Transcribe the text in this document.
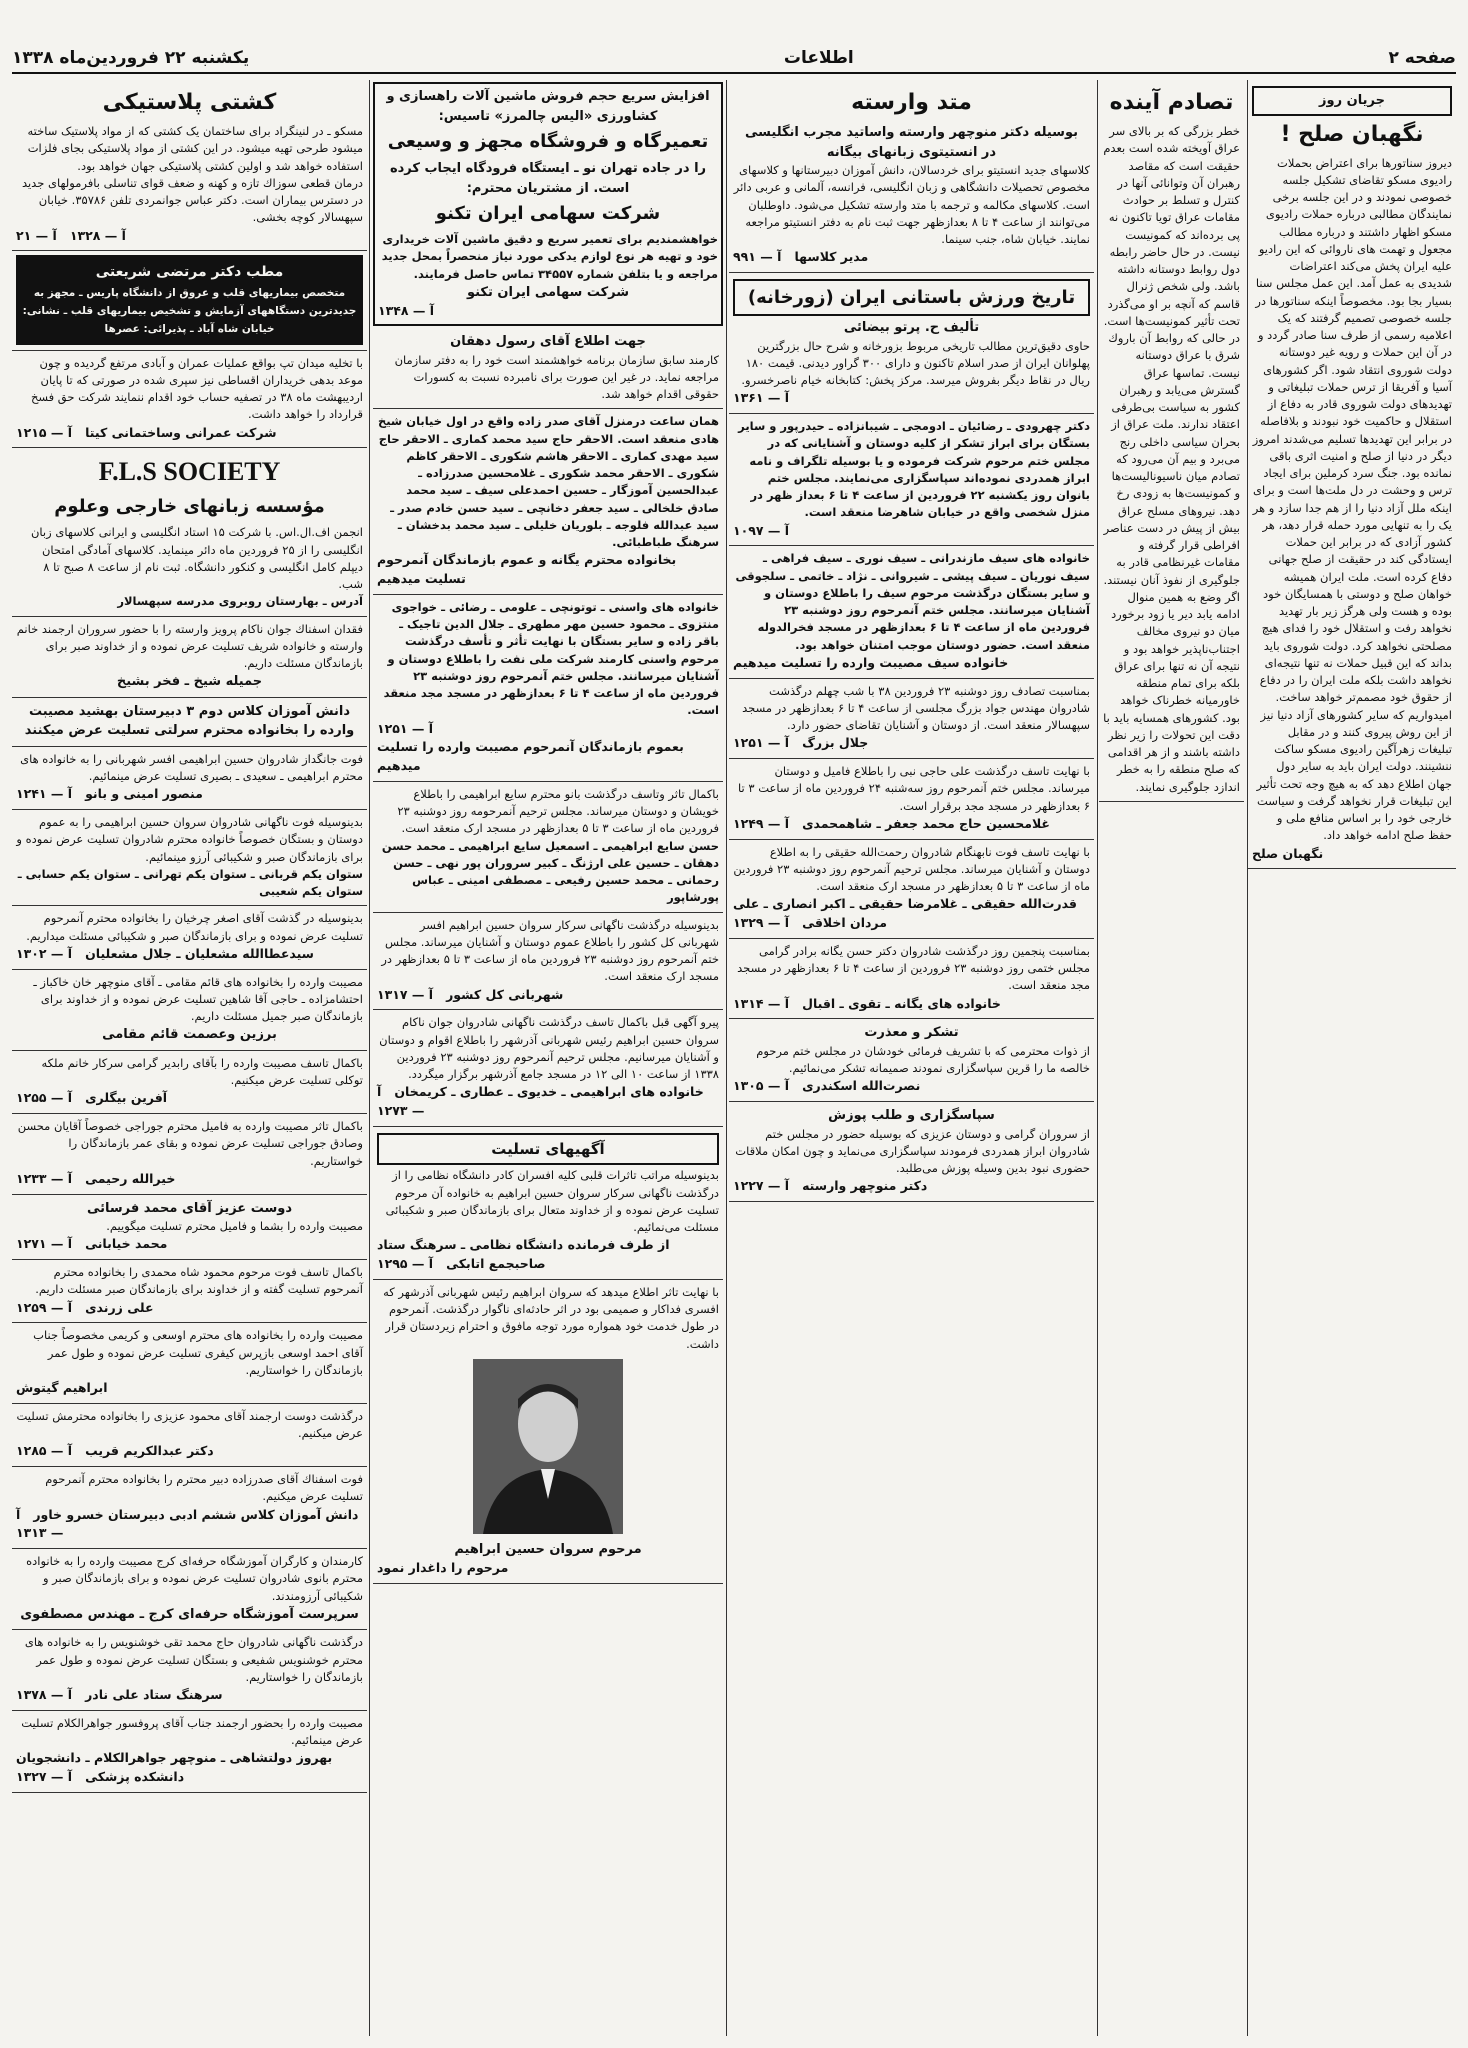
صفحه ۲
اطلاعات
یکشنبه ۲۲ فروردین‌ماه ۱۳۳۸
جریان روز
نگهبان صلح !
دیروز سناتورها برای اعتراض بحملات رادیوی مسکو تقاضای تشکیل جلسه خصوصی نمودند و در این جلسه برخی نمایندگان مطالبی درباره حملات رادیوی مسکو اظهار داشتند و درباره مطالب مجعول و تهمت های ناروائی که این رادیو علیه ایران پخش می‌کند اعتراضات شدیدی به عمل آمد. این عمل مجلس سنا بسیار بجا بود. مخصوصاً اینکه سناتورها در جلسه خصوصی تصمیم گرفتند که یک اعلامیه رسمی از طرف سنا صادر گردد و در آن این حملات و رویه غیر دوستانه دولت شوروی انتقاد شود. اگر کشورهای آسیا و آفریقا از ترس حملات تبلیغاتی و تهدیدهای دولت شوروی قادر به دفاع از استقلال و حاکمیت خود نبودند و بلافاصله در برابر این تهدیدها تسلیم می‌شدند امروز دیگر در دنیا از صلح و امنیت اثری باقی نمانده بود. جنگ سرد کرملین برای ایجاد ترس و وحشت در دل ملت‌ها است و برای اینکه ملل آزاد دنیا را از هم جدا سازد و هر یک را به تنهایی مورد حمله قرار دهد، هر کشور آزادی که در برابر این حملات ایستادگی کند در حقیقت از صلح جهانی دفاع کرده است. ملت ایران همیشه خواهان صلح و دوستی با همسایگان خود بوده و هست ولی هرگز زیر بار تهدید نخواهد رفت و استقلال خود را فدای هیچ مصلحتی نخواهد کرد. دولت شوروی باید بداند که این قبیل حملات نه تنها نتیجه‌ای نخواهد داشت بلکه ملت ایران را در دفاع از حقوق خود مصمم‌تر خواهد ساخت. امیدواریم که سایر کشورهای آزاد دنیا نیز از این روش پیروی کنند و در مقابل تبلیغات زهرآگین رادیوی مسکو ساکت ننشینند. دولت ایران باید به سایر دول جهان اطلاع دهد که به هیچ وجه تحت تأثیر این تبلیغات قرار نخواهد گرفت و سیاست خارجی خود را بر اساس منافع ملی و حفظ صلح ادامه خواهد داد.
نگهبان صلح
تصادم آینده
خطر بزرگی که بر بالای سر عراق آویخته شده است بعدم حقیقت است که مقاصد رهبران آن وتوانائی آنها در کنترل و تسلط بر حوادث مقامات عراق تویا تاکنون نه پی برده‌اند که کمونیست نیست. در حال حاضر رابطه دول روابط دوستانه داشته باشد. ولی شخص ژنرال قاسم که آنچه بر او می‌گذرد تحت تأثیر کمونیست‌ها است. در حالی که روابط آن باروك شرق با عراق دوستانه نیست. تماسها عراق گسترش می‌یابد و رهبران کشور به سیاست بی‌طرفی اعتقاد ندارند. ملت عراق از بحران سیاسی داخلی رنج می‌برد و بیم آن می‌رود که تصادم میان ناسیونالیست‌ها و کمونیست‌ها به زودی رخ دهد. نیروهای مسلح عراق بیش از پیش در دست عناصر افراطی قرار گرفته و مقامات غیرنظامی قادر به جلوگیری از نفوذ آنان نیستند. اگر وضع به همین منوال ادامه یابد دیر یا زود برخورد میان دو نیروی مخالف اجتناب‌ناپذیر خواهد بود و نتیجه آن نه تنها برای عراق بلکه برای تمام منطقه خاورمیانه خطرناک خواهد بود. کشورهای همسایه باید با دقت این تحولات را زیر نظر داشته باشند و از هر اقدامی که صلح منطقه را به خطر اندازد جلوگیری نمایند.
متد وارسته
بوسیله دکتر منوچهر وارسته واساتید مجرب انگلیسی
در انستیتوی زبانهای بیگانه
کلاسهای جدید انستیتو برای خردسالان، دانش آموزان دبیرستانها و کلاسهای مخصوص تحصیلات دانشگاهی و زبان انگلیسی، فرانسه، آلمانی و عربی دائر است. کلاسهای مکالمه و ترجمه با متد وارسته تشکیل می‌شود. داوطلبان می‌توانند از ساعت ۴ تا ۸ بعدازظهر جهت ثبت نام به دفتر انستیتو مراجعه نمایند. خیابان شاه، جنب سینما.
مدیر کلاسها   آ — ۹۹۱
تاریخ ورزش باستانی ایران (زورخانه)
تألیف ح. پرتو بیضائی
حاوی دقیق‌ترین مطالب تاریخی مربوط بزورخانه و شرح حال بزرگترین پهلوانان ایران از صدر اسلام تاکنون و دارای ۳۰۰ گراور دیدنی. قیمت ۱۸۰ ریال در نقاط دیگر بفروش میرسد. مرکز پخش: کتابخانه خیام ناصرخسرو.
آ — ۱۳۶۱
دکتر چهرودی ـ رضائیان ـ ادومجی ـ شیبانزاده ـ حیدرپور و سایر بستگان برای ابراز تشکر از کلیه دوستان و آشنایانی که در مجلس ختم مرحوم شرکت فرموده و یا بوسیله تلگراف و نامه ابراز همدردی نموده‌اند سپاسگزاری می‌نمایند. مجلس ختم بانوان روز یکشنبه ۲۲ فروردین از ساعت ۴ تا ۶ بعداز ظهر در منزل شخصی واقع در خیابان شاهرضا منعقد است.
آ — ۱۰۹۷
خانواده های سیف مازندرانی ـ سیف نوری ـ سیف فراهی ـ سیف نوریان ـ سیف پیشی ـ شیروانی ـ نژاد ـ خاتمی ـ سلجوقی و سایر بستگان درگذشت مرحوم سیف را باطلاع دوستان و آشنایان میرسانند. مجلس ختم آنمرحوم روز دوشنبه ۲۳ فروردین ماه از ساعت ۴ تا ۶ بعدازظهر در مسجد فخرالدوله منعقد است. حضور دوستان موجب امتنان خواهد بود.
خانواده سیف مصیبت وارده را تسلیت میدهیم
بمناسبت تصادف روز دوشنبه ۲۳ فروردین ۳۸ با شب چهلم درگذشت شادروان مهندس جواد بزرگ مجلسی از ساعت ۴ تا ۶ بعدازظهر در مسجد سپهسالار منعقد است. از دوستان و آشنایان تقاضای حضور دارد.
جلال بزرگ   آ — ۱۲۵۱
با نهایت تاسف درگذشت علی حاجی نبی را باطلاع فامیل و دوستان میرساند. مجلس ختم آنمرحوم روز سه‌شنبه ۲۴ فروردین ماه از ساعت ۳ تا ۶ بعدازظهر در مسجد مجد برقرار است.
غلامحسین حاج محمد جعفر ـ شاهمحمدی   آ — ۱۲۴۹
با نهایت تاسف فوت نابهنگام شادروان رحمت‌الله حقیقی را به اطلاع دوستان و آشنایان میرساند. مجلس ترحیم آنمرحوم روز دوشنبه ۲۳ فروردین ماه از ساعت ۳ تا ۵ بعدازظهر در مسجد ارک منعقد است.
قدرت‌الله حقیقی ـ غلامرضا حقیقی ـ اکبر انصاری ـ علی مردان اخلاقی   آ — ۱۳۲۹
بمناسبت پنجمین روز درگذشت شادروان دکتر حسن یگانه برادر گرامی مجلس ختمی روز دوشنبه ۲۳ فروردین از ساعت ۴ تا ۶ بعدازظهر در مسجد مجد منعقد است.
خانواده های یگانه ـ تقوی ـ اقبال   آ — ۱۳۱۴
تشکر و معذرت
از ذوات محترمی که با تشریف فرمائی خودشان در مجلس ختم مرحوم خالصه ما را قرین سپاسگزاری نمودند صمیمانه تشکر می‌نمائیم.
نصرت‌الله اسکندری   آ — ۱۳۰۵
سپاسگزاری و طلب پوزش
از سروران گرامی و دوستان عزیزی که بوسیله حضور در مجلس ختم شادروان ابراز همدردی فرمودند سپاسگزاری می‌نماید و چون امکان ملاقات حضوری نبود بدین وسیله پوزش می‌طلبد.
دکتر منوچهر وارسته   آ — ۱۲۲۷
افزایش سریع حجم فروش ماشین آلات راهسازی و کشاورزی «الیس چالمرز» تاسیس:
تعمیرگاه و فروشگاه مجهز و وسیعی
را در جاده تهران نو ـ ایستگاه فرودگاه ایجاب کرده است. از مشتریان محترم:
شرکت سهامی ایران تکنو
خواهشمندیم برای تعمیر سریع و دقیق ماشین آلات خریداری خود و تهیه هر نوع لوازم یدکی مورد نیاز منحصراً بمحل جدید مراجعه و یا بتلفن شماره ۳۴۵۵۷ تماس حاصل فرمایند.
شرکت سهامی ایران تکنو
آ — ۱۳۴۸
جهت اطلاع آقای رسول دهقان
کارمند سابق سازمان برنامه خواهشمند است خود را به دفتر سازمان مراجعه نماید. در غیر این صورت برای نامبرده نسبت به کسورات حقوقی اقدام خواهد شد.
همان ساعت درمنزل آقای صدر زاده واقع در اول خیابان شیخ هادی منعقد است. الاحقر حاج سید محمد کماری ـ الاحقر حاج سید مهدی کماری ـ الاحقر هاشم شکوری ـ الاحقر کاظم شکوری ـ الاحقر محمد شکوری ـ غلامحسین صدرزاده ـ عبدالحسین آموزگار ـ حسین احمدعلی سیف ـ سید محمد صادق خلخالی ـ سید جعفر دخانچی ـ سید حسن خادم صدر ـ سید عبدالله فلوجه ـ بلوریان خلیلی ـ سید محمد بدخشان ـ سرهنگ طباطبائی.
بخانواده محترم یگانه و عموم بازماندگان آنمرحوم تسلیت میدهیم
خانواده های واسنی ـ توتونچی ـ علومی ـ رضائی ـ خواجوی منتزوی ـ محمود حسین مهر مطهری ـ جلال الدین تاجیک ـ باقر زاده و سایر بستگان با نهایت تأثر و تأسف درگذشت مرحوم واسنی کارمند شرکت ملی نفت را باطلاع دوستان و آشنایان میرسانند. مجلس ختم آنمرحوم روز دوشنبه ۲۳ فروردین ماه از ساعت ۴ تا ۶ بعدازظهر در مسجد مجد منعقد است.
آ — ۱۲۵۱
بعموم بازماندگان آنمرحوم مصیبت وارده را تسلیت میدهیم
باکمال تاثر وتاسف درگذشت بانو محترم سایع ابراهیمی را باطلاع خویشان و دوستان میرساند. مجلس ترحیم آنمرحومه روز دوشنبه ۲۳ فروردین ماه از ساعت ۳ تا ۵ بعدازظهر در مسجد ارک منعقد است.
حسن سایع ابراهیمی ـ اسمعیل سایع ابراهیمی ـ محمد حسن دهقان ـ حسین علی ارژنگ ـ کبیر سروران پور نهی ـ حسن رحمانی ـ محمد حسین رفیعی ـ مصطفی امینی ـ عباس پورشاپور
بدینوسیله درگذشت ناگهانی سرکار سروان حسین ابراهیم افسر شهربانی کل کشور را باطلاع عموم دوستان و آشنایان میرساند. مجلس ختم آنمرحوم روز دوشنبه ۲۳ فروردین ماه از ساعت ۳ تا ۵ بعدازظهر در مسجد ارک منعقد است.
شهربانی کل کشور   آ — ۱۳۱۷
پیرو آگهی قبل باکمال تاسف درگذشت ناگهانی شادروان جوان ناکام سروان حسین ابراهیم رئیس شهربانی آذرشهر را باطلاع اقوام و دوستان و آشنایان میرسانیم. مجلس ترحیم آنمرحوم روز دوشنبه ۲۳ فروردین ۱۳۳۸ از ساعت ۱۰ الی ۱۲ در مسجد جامع آذرشهر برگزار میگردد.
خانواده های ابراهیمی ـ خدیوی ـ عطاری ـ کریمخان   آ — ۱۲۷۳
آگهیهای تسلیت
بدینوسیله مراتب تاثرات قلبی کلیه افسران کادر دانشگاه نظامی را از درگذشت ناگهانی سرکار سروان حسین ابراهیم به خانواده آن مرحوم تسلیت عرض نموده و از خداوند متعال برای بازماندگان صبر و شکیبائی مسئلت می‌نمائیم.
از طرف فرمانده دانشگاه نظامی ـ سرهنگ ستاد صاحبجمع اتابکی   آ — ۱۲۹۵
با نهایت تاثر اطلاع میدهد که سروان ابراهیم رئیس شهربانی آذرشهر که افسری فداکار و صمیمی بود در اثر حادثه‌ای ناگوار درگذشت. آنمرحوم در طول خدمت خود همواره مورد توجه مافوق و احترام زیردستان قرار داشت.
مرحوم سروان حسین ابراهیم
مرحوم را داغدار نمود
کشتی پلاستیکی
مسکو ـ در لنینگراد برای ساختمان یک کشتی که از مواد پلاستیک ساخته میشود طرحی تهیه میشود. در این کشتی از مواد پلاستیکی بجای فلزات استفاده خواهد شد و اولین کشتی پلاستیکی جهان خواهد بود.
درمان قطعی سوزاك تازه و کهنه و ضعف قوای تناسلی بافرمولهای جدید در دسترس بیماران است. دکتر عباس جوانمردی تلفن ۳۵۷۸۶. خیابان سپهسالار کوچه بخشی.
آ — ۱۳۲۸   آ — ۲۱
مطب دکتر مرتضی شریعتی
متخصص بیماریهای قلب و عروق از دانشگاه پاریس ـ مجهز به جدیدترین دستگاههای آزمایش و تشخیص بیماریهای قلب ـ نشانی: خیابان شاه آباد ـ پذیرائی: عصرها
با تخلیه میدان تپ بواقع عملیات عمران و آبادی مرتفع گردیده و چون موعد بدهی خریداران اقساطی نیز سپری شده در صورتی که تا پایان اردیبهشت ماه ۳۸ در تصفیه حساب خود اقدام ننمایند شرکت حق فسخ قرارداد را خواهد داشت.
شرکت عمرانی وساختمانی کیتا   آ — ۱۲۱۵
F.L.S SOCIETY
مؤسسه زبانهای خارجی وعلوم
انجمن اف.ال.اس. با شرکت ۱۵ استاد انگلیسی و ایرانی کلاسهای زبان انگلیسی را از ۲۵ فروردین ماه دائر مینماید. کلاسهای آمادگی امتحان دیپلم کامل انگلیسی و کنکور دانشگاه. ثبت نام از ساعت ۸ صبح تا ۸ شب.
آدرس ـ بهارستان روبروی مدرسه سپهسالار
فقدان اسفناك جوان ناكام پرویز وارسته را با حضور سروران ارجمند خانم وارسته و خانواده شریف تسلیت عرض نموده و از خداوند صبر برای بازماندگان مسئلت داریم.
جمیله شیخ ـ فخر بشیخ
دانش آموزان کلاس دوم ۳ دبیرستان بهشید مصیبت وارده را بخانواده محترم سرلتی تسلیت عرض میکنند
فوت جانگداز شادروان حسین ابراهیمی افسر شهربانی را به خانواده های محترم ابراهیمی ـ سعیدی ـ بصیری تسلیت عرض مینمائیم.
منصور امینی و بانو   آ — ۱۲۴۱
بدینوسیله فوت ناگهانی شادروان سروان حسین ابراهیمی را به عموم دوستان و بستگان خصوصاً خانواده محترم شادروان تسلیت عرض نموده و برای بازماندگان صبر و شکیبائی آرزو مینمائیم.
ستوان یکم قربانی ـ ستوان یکم تهرانی ـ ستوان یکم حسابی ـ ستوان یکم شعیبی
بدینوسیله در گذشت آقای اصغر چرخیان را بخانواده محترم آنمرحوم تسلیت عرض نموده و برای بازماندگان صبر و شکیبائی مسئلت میداریم.
سیدعطاالله مشعلیان ـ جلال مشعلیان   آ — ۱۳۰۲
مصیبت وارده را بخانواده های قائم مقامی ـ آقای منوچهر خان خاکباز ـ احتشامزاده ـ حاجی آقا شاهین تسلیت عرض نموده و از خداوند برای بازماندگان صبر جمیل مسئلت داریم.
برزین وعصمت قائم مقامی
باکمال تاسف مصیبت وارده را بآقای رابدیر گرامی سرکار خانم ملکه توکلی تسلیت عرض میکنیم.
آفرین بیگلری   آ — ۱۲۵۵
باکمال تاثر مصیبت وارده به فامیل محترم جوراجی خصوصاً آقایان محسن وصادق جوراجی تسلیت عرض نموده و بقای عمر بازماندگان را خواستاریم.
خیرالله رحیمی   آ — ۱۲۳۳
دوست عزیز آقای محمد فرسائی
مصیبت وارده را بشما و فامیل محترم تسلیت میگوییم.
محمد خیابانی   آ — ۱۲۷۱
باکمال تاسف فوت مرحوم محمود شاه محمدی را بخانواده محترم آنمرحوم تسلیت گفته و از خداوند برای بازماندگان صبر مسئلت داریم.
علی زرندی   آ — ۱۲۵۹
مصیبت وارده را بخانواده های محترم اوسعی و کریمی مخصوصاً جناب آقای احمد اوسعی بازپرس کیفری تسلیت عرض نموده و طول عمر بازماندگان را خواستاریم.
ابراهیم گیتوش
درگذشت دوست ارجمند آقای محمود عزیزی را بخانواده محترمش تسلیت عرض میکنیم.
دکتر عبدالکریم قریب   آ — ۱۲۸۵
فوت اسفناك آقای صدرزاده دبیر محترم را بخانواده محترم آنمرحوم تسلیت عرض میکنیم.
دانش آموزان کلاس ششم ادبی دبیرستان خسرو خاور   آ — ۱۳۱۳
کارمندان و کارگران آموزشگاه حرفه‌ای کرج مصیبت وارده را به خانواده محترم بانوی شادروان تسلیت عرض نموده و برای بازماندگان صبر و شکیبائی آرزومندند.
سرپرست آموزشگاه حرفه‌ای کرج ـ مهندس مصطفوی
درگذشت ناگهانی شادروان حاج محمد تقی خوشنویس را به خانواده های محترم خوشنویس شفیعی و بستگان تسلیت عرض نموده و طول عمر بازماندگان را خواستاریم.
سرهنگ ستاد علی نادر   آ — ۱۳۷۸
مصیبت وارده را بحضور ارجمند جناب آقای پروفسور جواهرالکلام تسلیت عرض مینمائیم.
بهروز دولتشاهی ـ منوچهر جواهرالکلام ـ دانشجویان دانشکده پزشکی   آ — ۱۳۲۷
